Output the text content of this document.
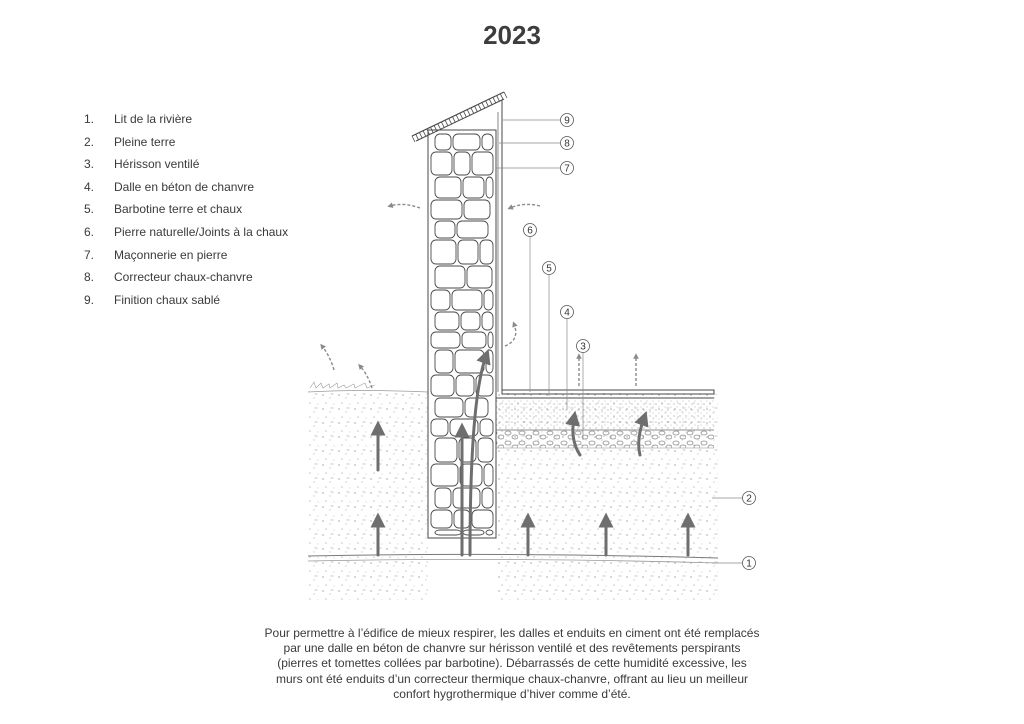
2023
1. Lit de la rivière
2. Pleine terre
3. Hérisson ventilé
4. Dalle en béton de chanvre
5. Barbotine terre et chaux
6. Pierre naturelle/Joints à la chaux
7. Maçonnerie en pierre
8. Correcteur chaux-chanvre
9. Finition chaux sablé
9
8
7
6
5
4
3
2
1
Pour permettre à l’édifice de mieux respirer, les dalles et enduits en ciment ont été remplacés
par une dalle en béton de chanvre sur hérisson ventilé et des revêtements perspirants
(pierres et tomettes collées par barbotine). Débarrassés de cette humidité excessive, les
murs ont été enduits d’un correcteur thermique chaux-chanvre, offrant au lieu un meilleur
confort hygrothermique d’hiver comme d’été.
